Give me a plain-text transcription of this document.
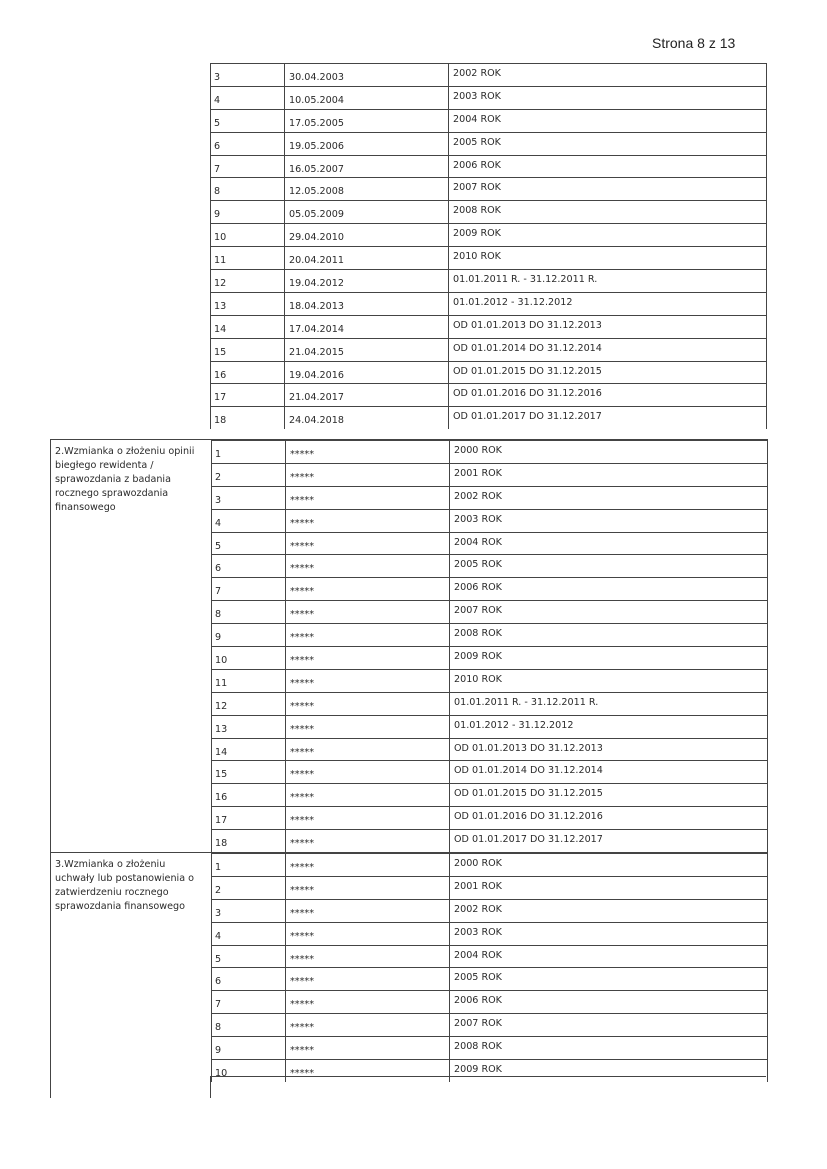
Strona 8 z 13
3	30.04.2003	2002 ROK
4	10.05.2004	2003 ROK
5	17.05.2005	2004 ROK
6	19.05.2006	2005 ROK
7	16.05.2007	2006 ROK
8	12.05.2008	2007 ROK
9	05.05.2009	2008 ROK
10	29.04.2010	2009 ROK
11	20.04.2011	2010 ROK
12	19.04.2012	01.01.2011 R. - 31.12.2011 R.
13	18.04.2013	01.01.2012 - 31.12.2012
14	17.04.2014	OD 01.01.2013 DO 31.12.2013
15	21.04.2015	OD 01.01.2014 DO 31.12.2014
16	19.04.2016	OD 01.01.2015 DO 31.12.2015
17	21.04.2017	OD 01.01.2016 DO 31.12.2016
18	24.04.2018	OD 01.01.2017 DO 31.12.2017
2.Wzmianka o złożeniu opinii biegłego rewidenta / sprawozdania z badania rocznego sprawozdania finansowego
1	*****	2000 ROK
2	*****	2001 ROK
3	*****	2002 ROK
4	*****	2003 ROK
5	*****	2004 ROK
6	*****	2005 ROK
7	*****	2006 ROK
8	*****	2007 ROK
9	*****	2008 ROK
10	*****	2009 ROK
11	*****	2010 ROK
12	*****	01.01.2011 R. - 31.12.2011 R.
13	*****	01.01.2012 - 31.12.2012
14	*****	OD 01.01.2013 DO 31.12.2013
15	*****	OD 01.01.2014 DO 31.12.2014
16	*****	OD 01.01.2015 DO 31.12.2015
17	*****	OD 01.01.2016 DO 31.12.2016
18	*****	OD 01.01.2017 DO 31.12.2017
3.Wzmianka o złożeniu uchwały lub postanowienia o zatwierdzeniu rocznego sprawozdania finansowego
1	*****	2000 ROK
2	*****	2001 ROK
3	*****	2002 ROK
4	*****	2003 ROK
5	*****	2004 ROK
6	*****	2005 ROK
7	*****	2006 ROK
8	*****	2007 ROK
9	*****	2008 ROK
10	*****	2009 ROK
